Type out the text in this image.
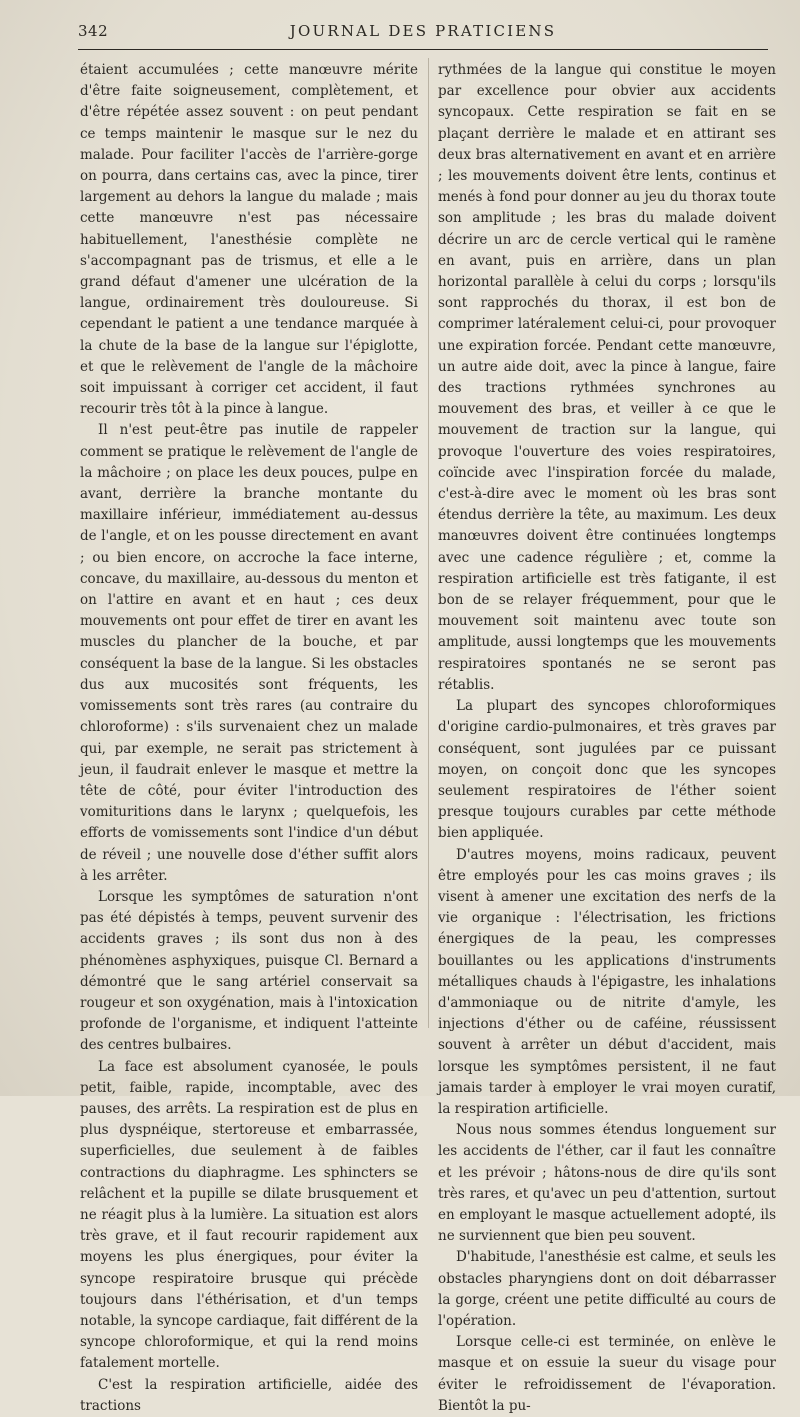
342	JOURNAL DES PRATICIENS

étaient accumulées ; cette manœuvre mérite d'être faite soigneusement, complètement, et d'être répétée assez souvent : on peut pendant ce temps maintenir le masque sur le nez du malade. Pour faciliter l'accès de l'arrière-gorge on pourra, dans certains cas, avec la pince, tirer largement au dehors la langue du malade ; mais cette manœuvre n'est pas nécessaire habituellement, l'anesthésie complète ne s'accompagnant pas de trismus, et elle a le grand défaut d'amener une ulcération de la langue, ordinairement très douloureuse. Si cependant le patient a une tendance marquée à la chute de la base de la langue sur l'épiglotte, et que le relèvement de l'angle de la mâchoire soit impuissant à corriger cet accident, il faut recourir très tôt à la pince à langue.

Il n'est peut-être pas inutile de rappeler comment se pratique le relèvement de l'angle de la mâchoire ; on place les deux pouces, pulpe en avant, derrière la branche montante du maxillaire inférieur, immédiatement au-dessus de l'angle, et on les pousse directement en avant ; ou bien encore, on accroche la face interne, concave, du maxillaire, au-dessous du menton et on l'attire en avant et en haut ; ces deux mouvements ont pour effet de tirer en avant les muscles du plancher de la bouche, et par conséquent la base de la langue. Si les obstacles dus aux mucosités sont fréquents, les vomissements sont très rares (au contraire du chloroforme) : s'ils survenaient chez un malade qui, par exemple, ne serait pas strictement à jeun, il faudrait enlever le masque et mettre la tête de côté, pour éviter l'introduction des vomituritions dans le larynx ; quelquefois, les efforts de vomissements sont l'indice d'un début de réveil ; une nouvelle dose d'éther suffit alors à les arrêter.

Lorsque les symptômes de saturation n'ont pas été dépistés à temps, peuvent survenir des accidents graves ; ils sont dus non à des phénomènes asphyxiques, puisque Cl. Bernard a démontré que le sang artériel conservait sa rougeur et son oxygénation, mais à l'intoxication profonde de l'organisme, et indiquent l'atteinte des centres bulbaires.

La face est absolument cyanosée, le pouls petit, faible, rapide, incomptable, avec des pauses, des arrêts. La respiration est de plus en plus dyspnéique, stertoreuse et embarrassée, superficielles, due seulement à de faibles contractions du diaphragme. Les sphincters se relâchent et la pupille se dilate brusquement et ne réagit plus à la lumière. La situation est alors très grave, et il faut recourir rapidement aux moyens les plus énergiques, pour éviter la syncope respiratoire brusque qui précède toujours dans l'éthérisation, et d'un temps notable, la syncope cardiaque, fait différent de la syncope chloroformique, et qui la rend moins fatalement mortelle.

C'est la respiration artificielle, aidée des tractions

rythmées de la langue qui constitue le moyen par excellence pour obvier aux accidents syncopaux. Cette respiration se fait en se plaçant derrière le malade et en attirant ses deux bras alternativement en avant et en arrière ; les mouvements doivent être lents, continus et menés à fond pour donner au jeu du thorax toute son amplitude ; les bras du malade doivent décrire un arc de cercle vertical qui le ramène en avant, puis en arrière, dans un plan horizontal parallèle à celui du corps ; lorsqu'ils sont rapprochés du thorax, il est bon de comprimer latéralement celui-ci, pour provoquer une expiration forcée. Pendant cette manœuvre, un autre aide doit, avec la pince à langue, faire des tractions rythmées synchrones au mouvement des bras, et veiller à ce que le mouvement de traction sur la langue, qui provoque l'ouverture des voies respiratoires, coïncide avec l'inspiration forcée du malade, c'est-à-dire avec le moment où les bras sont étendus derrière la tête, au maximum. Les deux manœuvres doivent être continuées longtemps avec une cadence régulière ; et, comme la respiration artificielle est très fatigante, il est bon de se relayer fréquemment, pour que le mouvement soit maintenu avec toute son amplitude, aussi longtemps que les mouvements respiratoires spontanés ne se seront pas rétablis.

La plupart des syncopes chloroformiques d'origine cardio-pulmonaires, et très graves par conséquent, sont jugulées par ce puissant moyen, on conçoit donc que les syncopes seulement respiratoires de l'éther soient presque toujours curables par cette méthode bien appliquée.

D'autres moyens, moins radicaux, peuvent être employés pour les cas moins graves ; ils visent à amener une excitation des nerfs de la vie organique : l'électrisation, les frictions énergiques de la peau, les compresses bouillantes ou les applications d'instruments métalliques chauds à l'épigastre, les inhalations d'ammoniaque ou de nitrite d'amyle, les injections d'éther ou de caféine, réussissent souvent à arrêter un début d'accident, mais lorsque les symptômes persistent, il ne faut jamais tarder à employer le vrai moyen curatif, la respiration artificielle.

Nous nous sommes étendus longuement sur les accidents de l'éther, car il faut les connaître et les prévoir ; hâtons-nous de dire qu'ils sont très rares, et qu'avec un peu d'attention, surtout en employant le masque actuellement adopté, ils ne surviennent que bien peu souvent.

D'habitude, l'anesthésie est calme, et seuls les obstacles pharyngiens dont on doit débarrasser la gorge, créent une petite difficulté au cours de l'opération.

Lorsque celle-ci est terminée, on enlève le masque et on essuie la sueur du visage pour éviter le refroidissement de l'évaporation. Bientôt la pu-
